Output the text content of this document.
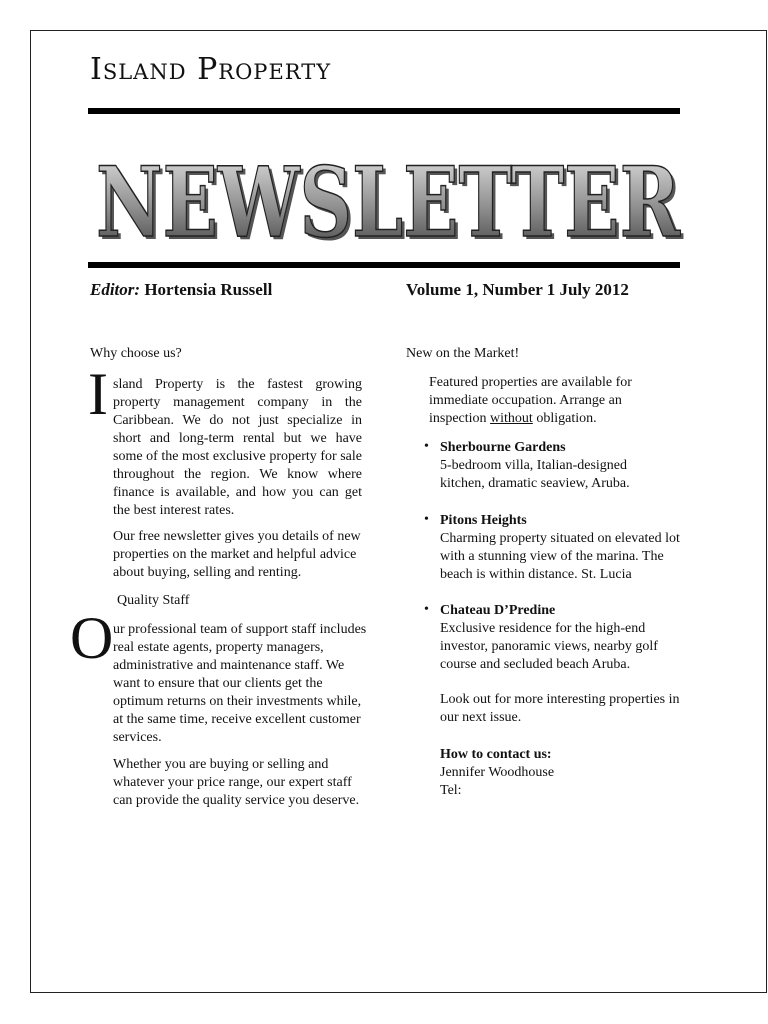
Island Property
NEWSLETTER
NEWSLETTER
Editor: Hortensia Russell	Volume 1, Number 1 July 2012
Why choose us?
I sland Property is the fastest growing property management company in the Caribbean. We do not just specialize in short and long-term rental but we have some of the most exclusive property for sale throughout the region. We know where finance is available, and how you can get the best interest rates.

Our free newsletter gives you details of new properties on the market and helpful advice about buying, selling and renting.

Quality Staff
O ur professional team of support staff includes real estate agents, property managers, administrative and maintenance staff. We want to ensure that our clients get the optimum returns on their investments while, at the same time, receive excellent customer services.

Whether you are buying or selling and whatever your price range, our expert staff can provide the quality service you deserve.

New on the Market!

Featured properties are available for immediate occupation. Arrange an inspection without obligation.

• Sherbourne Gardens
5-bedroom villa, Italian-designed kitchen, dramatic seaview, Aruba.

• Pitons Heights
Charming property situated on elevated lot with a stunning view of the marina. The beach is within distance. St. Lucia

• Chateau D’Predine
Exclusive residence for the high-end investor, panoramic views, nearby golf course and secluded beach Aruba.

Look out for more interesting properties in our next issue.

How to contact us:
Jennifer Woodhouse
Tel:
